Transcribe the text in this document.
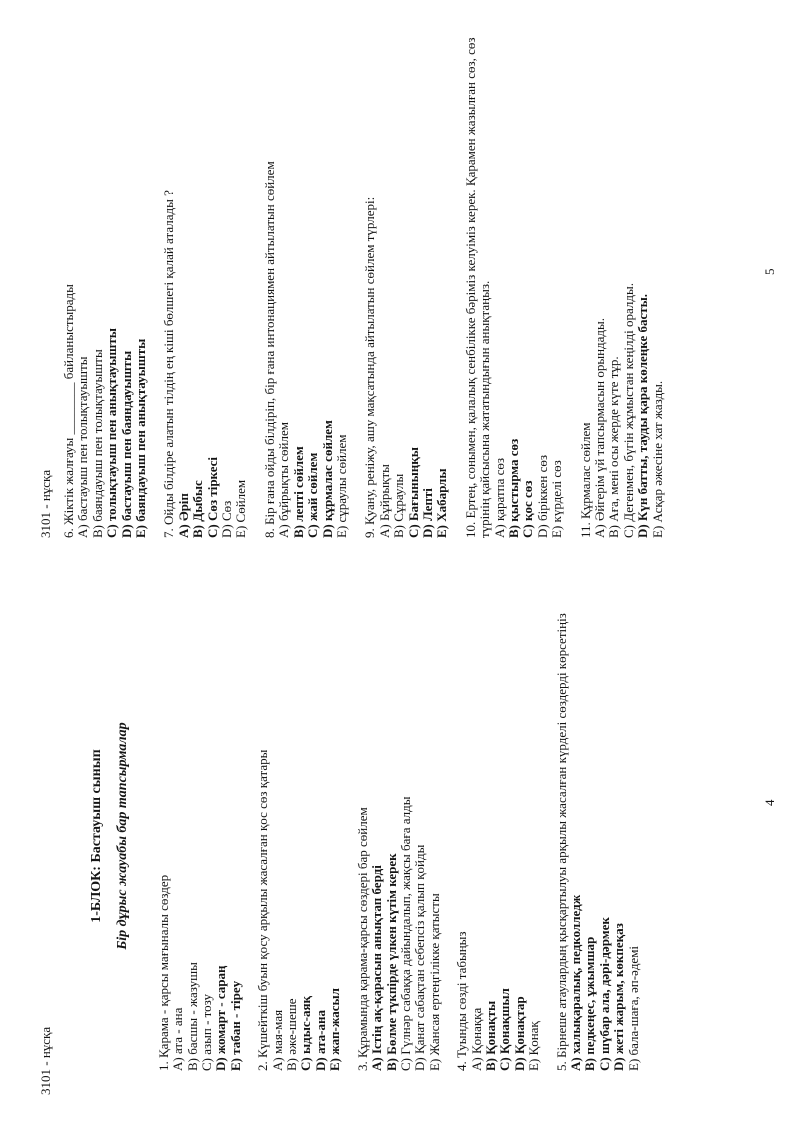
3101 - нұсқа
1-БЛОК: Бастауыш сынып Бір дұрыс жауабы бар тапсырмалар
1. Қарама - қарсы мағыналы сөздер A) ата - ана B) басшы - жазушы C) азып - тозу D) жомарт - сараң E) табан - тірeу 2. Күшейткіш буын қосу арқылы жасалған қос сөз қатары A) мая-мая B) әже-шеше C) ыдыс-аяқ D) ата-ана E) жап-жасыл 3. Құрамында қарама-қарсы сөздері бар сөйлем A) Істің ақ-қарасын анықтап берді B) Бөлме түкпірде үлкен күтім керек C) Гүлнәр сабаққа дайындалып, жақсы баға алды D) Қанат сабақтан себепсіз қалып қойды E) Жансая ертеңгілікке қатысты 4. Туынды сөзді табыңыз A) Қонаққа B) Қонақты C) Қонақшыл D) Қонақтар E) Қонақ 5. Бірнеше атаулардың қысқартылуы арқылы жасалған күрделі сөздерді көрсетіңіз A) халықаралық, педколледж B) педкеңес, ұжымшар C) шүбар ала, дәрі-дәрмек D) жеті жарым, көкпеқаз E) бала-шаға, әп-әдемі
4
3101 - нұсқа 6. Жіктік жалғауы ________ байланыстырады A) бастауыш пен толықтауышты B) баяндауыш пен толықтауышты C) толықтауыш пен анықтауышты D) бастауыш пен баяндауышты E) баяндауыш пен анықтауышты 7. Ойды білдіре алатын тілдің ең кіші бөлшегі қалай аталады ? A) Әріп B) Дыбыс C) Сөз тіркесі D) Сөз E) Сөйлем 8. Бір ғана ойды білдіріп, бір ғана интонациямен айтылатын сөйлем A) бұйрықты сөйлем B) лепті сөйлем C) жай сөйлем D) құрмалас сөйлем E) сұраулы сөйлем 9. Қуану, реніжу, ашу мақсатында айтылатын сөйлем түрлері: A) Бұйрықты B) Сұраулы C) Бағыныңқы D) Лепті E) Хабарлы 10. Ертең, сонымен, қалалық сенбілікке бәріміз келуіміз керек. Қарамен жазылған сөз, сөз түрінің қайсысына жататындығын анықтаңыз. A) қаратпа сөз B) қыстырма сөз C) қос сөз D) біріккен сөз E) күрделі сөз 11. Құрмалас сөйлем A) Әйгерім үй тапсырмасын орындады. B) Аға, мені осы жерде күте тұр. C) Дегенмен, бүгін жұмыстан кеңілді оралды. D) Күн батты, тауды қара көлеңке басты. E) Асқар әжесіне хат жазды.
5
